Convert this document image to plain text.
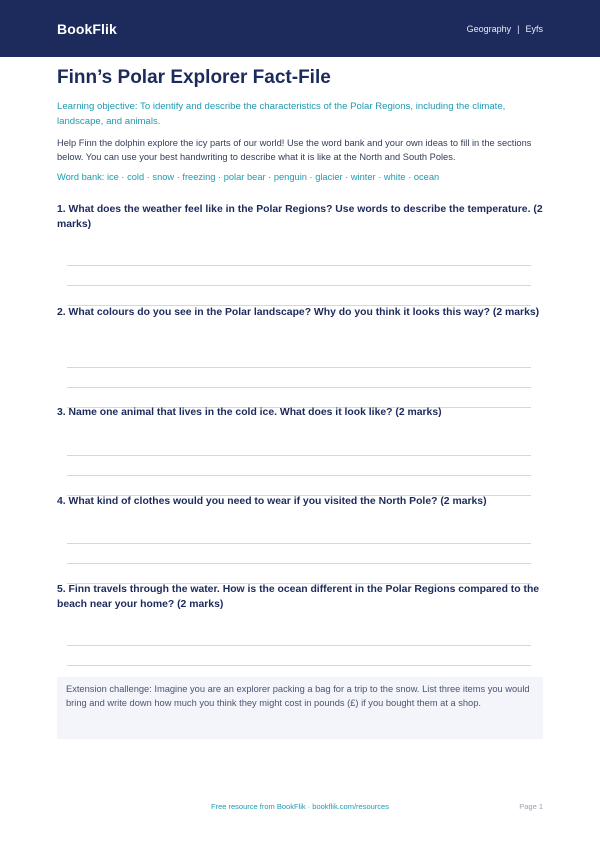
BookFlik	Geography | Eyfs
Finn’s Polar Explorer Fact-File
Learning objective: To identify and describe the characteristics of the Polar Regions, including the climate, landscape, and animals.
Help Finn the dolphin explore the icy parts of our world! Use the word bank and your own ideas to fill in the sections below. You can use your best handwriting to describe what it is like at the North and South Poles.
Word bank: ice · cold · snow · freezing · polar bear · penguin · glacier · winter · white · ocean
1. What does the weather feel like in the Polar Regions? Use words to describe the temperature. (2 marks)
2. What colours do you see in the Polar landscape? Why do you think it looks this way? (2 marks)
3. Name one animal that lives in the cold ice. What does it look like? (2 marks)
4. What kind of clothes would you need to wear if you visited the North Pole? (2 marks)
5. Finn travels through the water. How is the ocean different in the Polar Regions compared to the beach near your home? (2 marks)
Extension challenge: Imagine you are an explorer packing a bag for a trip to the snow. List three items you would bring and write down how much you think they might cost in pounds (£) if you bought them at a shop.
Free resource from BookFlik · bookflik.com/resources	Page 1
